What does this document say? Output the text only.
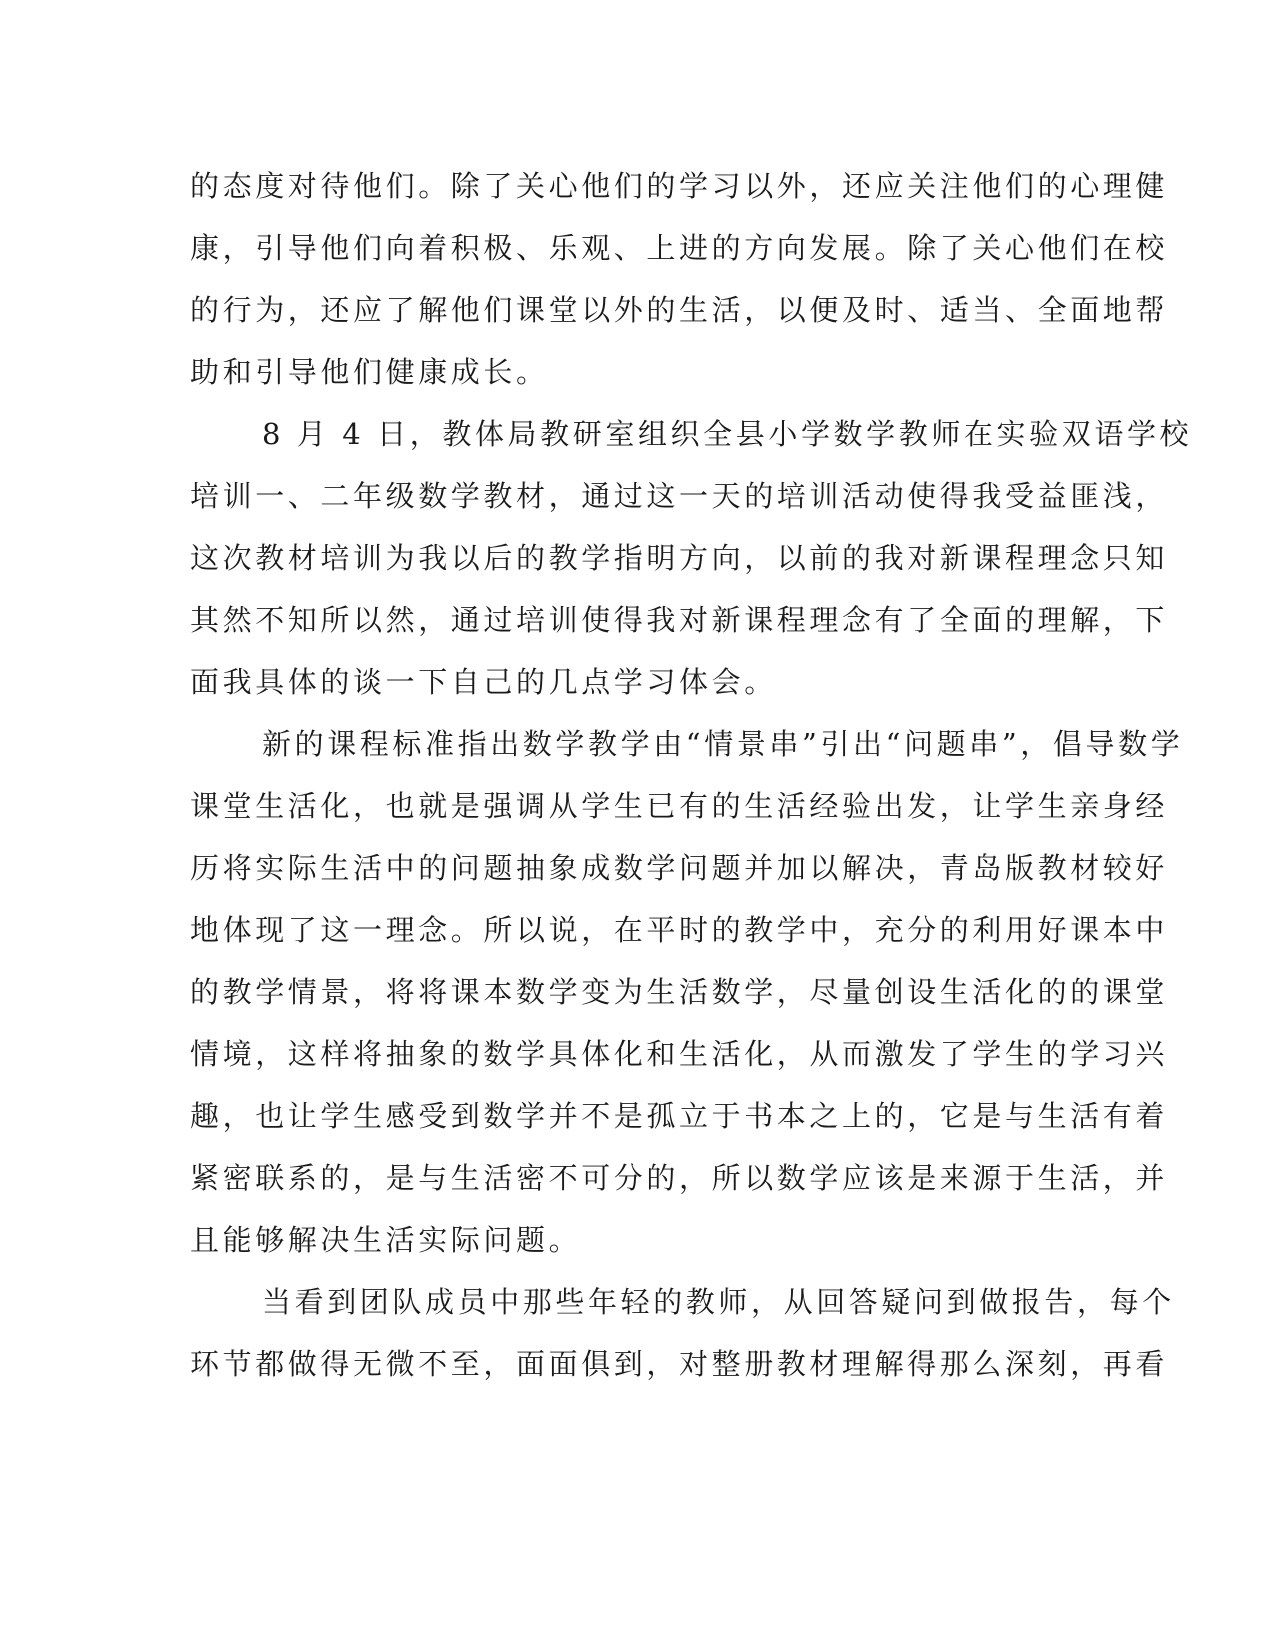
的态度对待他们。除了关心他们的学习以外，还应关注他们的心理健
康，引导他们向着积极、乐观、上进的方向发展。除了关心他们在校
的行为，还应了解他们课堂以外的生活，以便及时、适当、全面地帮
助和引导他们健康成长。
8 月 4 日，教体局教研室组织全县小学数学教师在实验双语学校
培训一、二年级数学教材，通过这一天的培训活动使得我受益匪浅，
这次教材培训为我以后的教学指明方向，以前的我对新课程理念只知
其然不知所以然，通过培训使得我对新课程理念有了全面的理解，下
面我具体的谈一下自己的几点学习体会。
新的课程标准指出数学教学由“情景串”引出“问题串”，倡导数学
课堂生活化，也就是强调从学生已有的生活经验出发，让学生亲身经
历将实际生活中的问题抽象成数学问题并加以解决，青岛版教材较好
地体现了这一理念。所以说，在平时的教学中，充分的利用好课本中
的教学情景，将将课本数学变为生活数学，尽量创设生活化的的课堂
情境，这样将抽象的数学具体化和生活化，从而激发了学生的学习兴
趣，也让学生感受到数学并不是孤立于书本之上的，它是与生活有着
紧密联系的，是与生活密不可分的，所以数学应该是来源于生活，并
且能够解决生活实际问题。
当看到团队成员中那些年轻的教师，从回答疑问到做报告，每个
环节都做得无微不至，面面俱到，对整册教材理解得那么深刻，再看
